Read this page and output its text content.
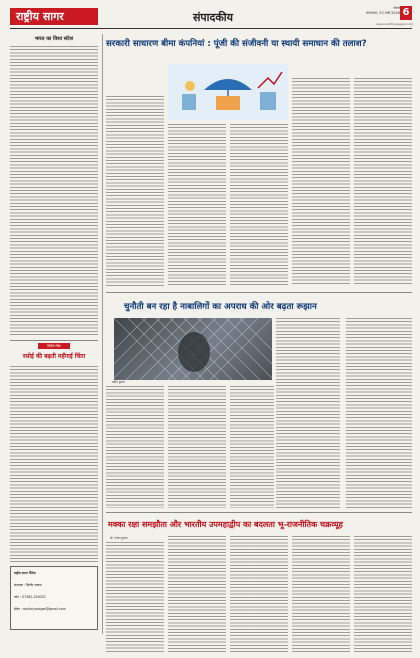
राष्ट्रीय सागर	संपादकीय
सागर
मंगलवार, 23 मार्च 2026 6
www.rashtriyasagar.com
भारत का विश्व संदेश
विशेष लेख
रसोई की बढ़ती महँगाई चिंता
राष्ट्रीय सागर दैनिक
संपादक : दिलीप जायस
फोन : 07582-220052
ईमेल : rashtriyasagar@gmail.com
सरकारी साधारण बीमा कंपनियां : पूंजी की संजीवनी या स्थायी समाधान की तलाश?
चुनौती बन रहा है नाबालिगों का अपराध की ओर बढ़ता रूझान
प्रदीप कुमार
मक्का रक्षा समझौता और भारतीय उपमहाद्वीप का बदलता भू-राजनीतिक चक्रव्यूह
डॉ. राजेश कुमार
